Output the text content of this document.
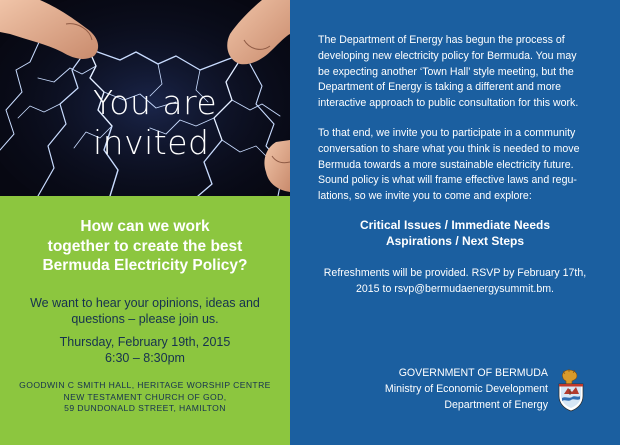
You are
invited
How can we work
together to create the best
Bermuda Electricity Policy?
We want to hear your opinions, ideas and
questions – please join us.
Thursday, February 19th, 2015
6:30 – 8:30pm
GOODWIN C SMITH HALL, HERITAGE WORSHIP CENTRE
NEW TESTAMENT CHURCH OF GOD,
59 DUNDONALD STREET, HAMILTON
The Department of Energy has begun the process of
developing new electricity policy for Bermuda. You may
be expecting another ‘Town Hall’ style meeting, but the
Department of Energy is taking a different and more
interactive approach to public consultation for this work.
To that end, we invite you to participate in a community
conversation to share what you think is needed to move
Bermuda towards a more sustainable electricity future.
Sound policy is what will frame effective laws and regu-
lations, so we invite you to come and explore:
Critical Issues / Immediate Needs
Aspirations / Next Steps
Refreshments will be provided. RSVP by February 17th,
2015 to rsvp@bermudaenergysummit.bm.
GOVERNMENT OF BERMUDA
Ministry of Economic Development
Department of Energy
